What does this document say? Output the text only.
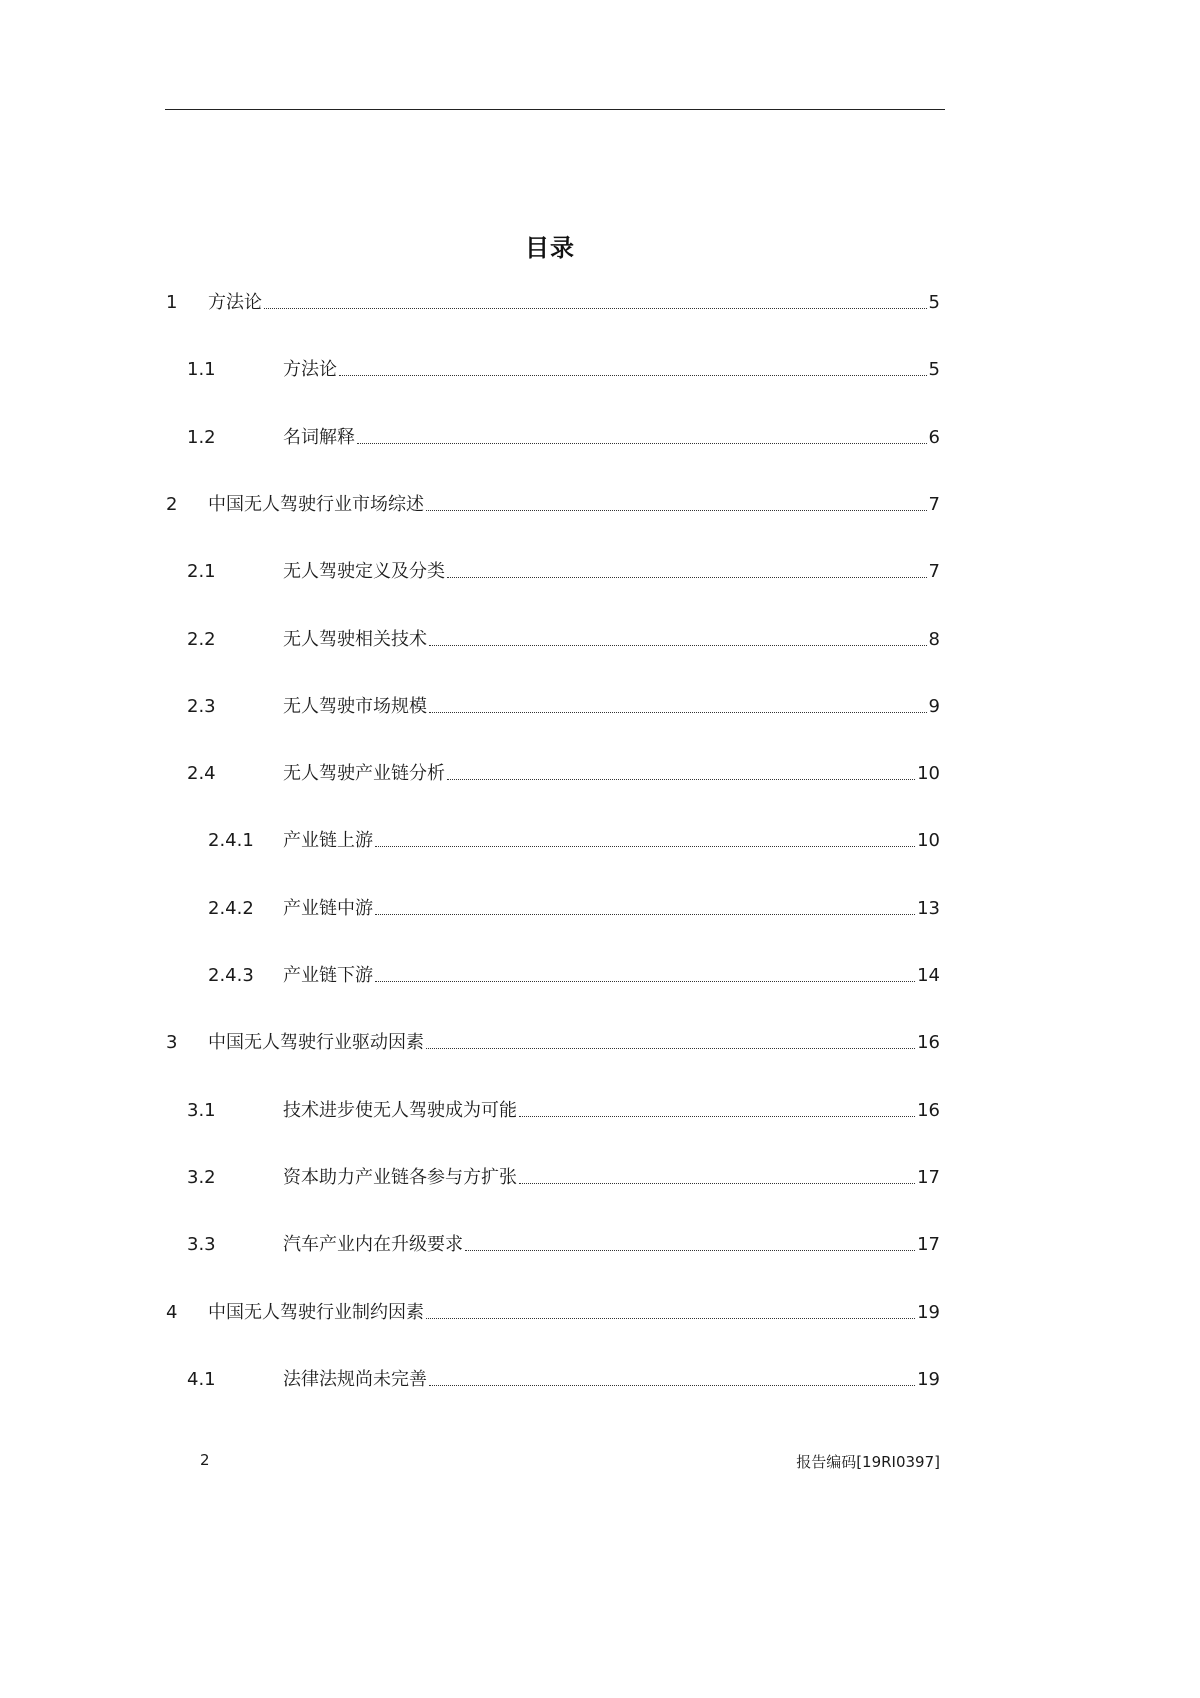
目录
1 方法论	5
1.1	方法论	5
1.2	名词解释	6
2 中国无人驾驶行业市场综述	7
2.1	无人驾驶定义及分类	7
2.2	无人驾驶相关技术	8
2.3	无人驾驶市场规模	9
2.4	无人驾驶产业链分析	10
2.4.1 产业链上游	10
2.4.2 产业链中游	13
2.4.3 产业链下游	14
3 中国无人驾驶行业驱动因素	16
3.1	技术进步使无人驾驶成为可能	16
3.2	资本助力产业链各参与方扩张	17
3.3	汽车产业内在升级要求	17
4 中国无人驾驶行业制约因素	19
4.1	法律法规尚未完善	19
2	报告编码[19RI0397]
